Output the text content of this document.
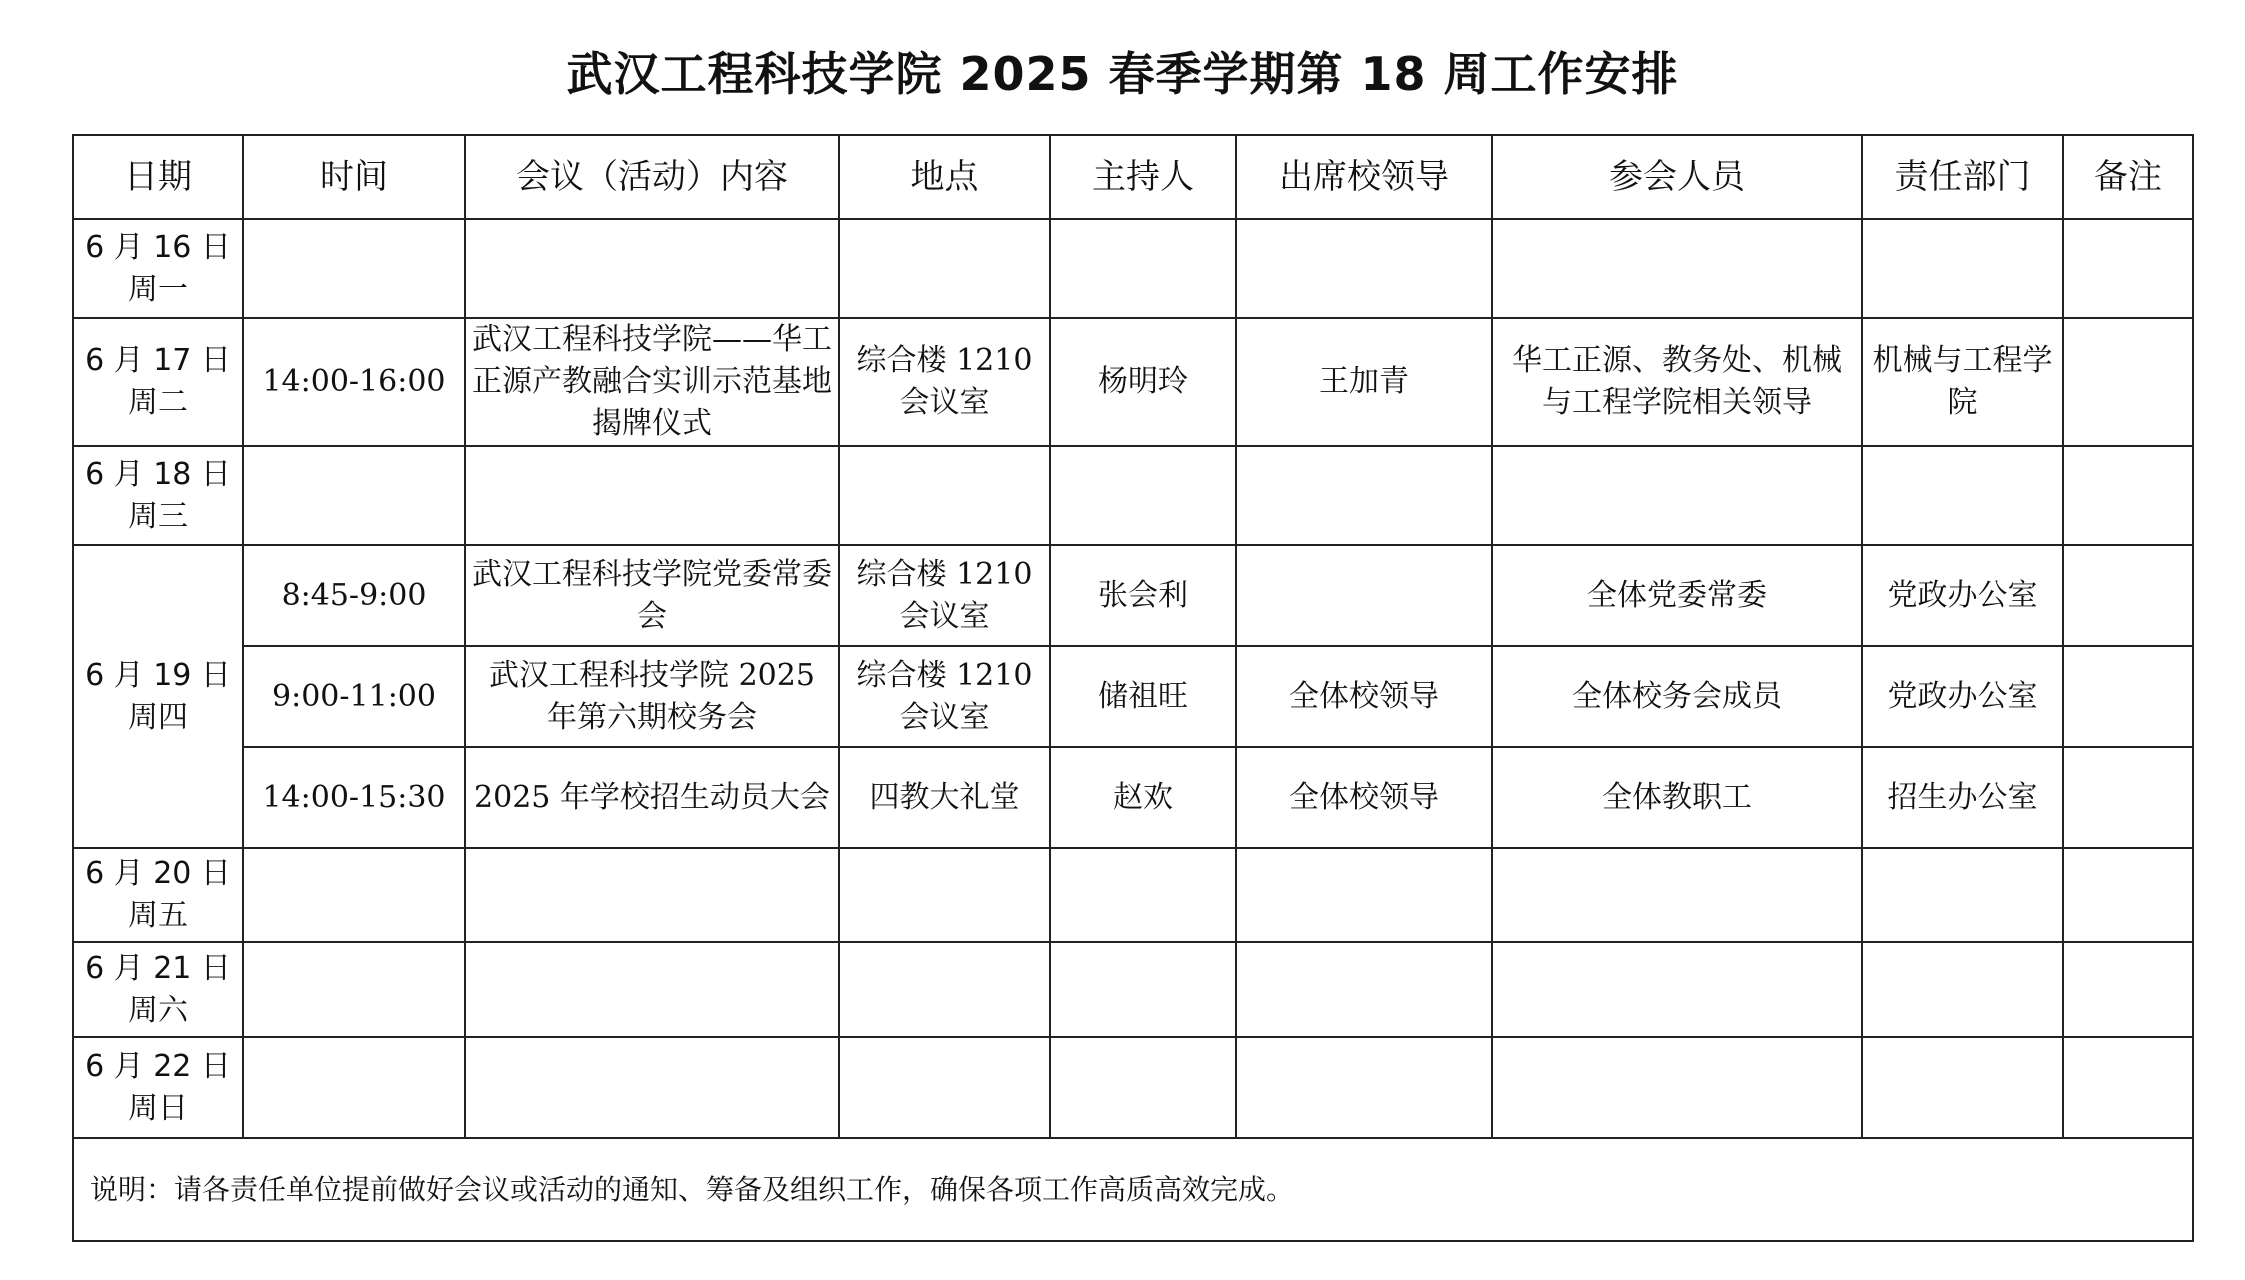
武汉工程科技学院 2025 春季学期第 18 周工作安排
日期	时间	会议（活动）内容	地点	主持人	出席校领导	参会人员	责任部门	备注

6 月 16 日
周一								

6 月 17 日
周二	14:00-16:00	武汉工程科技学院——华工正源产教融合实训示范基地揭牌仪式	综合楼 1210 会议室	杨明玲	王加青	华工正源、教务处、机械与工程学院相关领导	机械与工程学院	

6 月 18 日
周三								

6 月 19 日
周四	8:45-9:00	武汉工程科技学院党委常委会	综合楼 1210 会议室	张会利		全体党委常委	党政办公室	
	9:00-11:00	武汉工程科技学院 2025 年第六期校务会	综合楼 1210 会议室	储祖旺	全体校领导	全体校务会成员	党政办公室	
	14:00-15:30	2025 年学校招生动员大会	四教大礼堂	赵欢	全体校领导	全体教职工	招生办公室	

6 月 20 日
周五								

6 月 21 日
周六								

6 月 22 日
周日								

说明：请各责任单位提前做好会议或活动的通知、筹备及组织工作，确保各项工作高质高效完成。								
